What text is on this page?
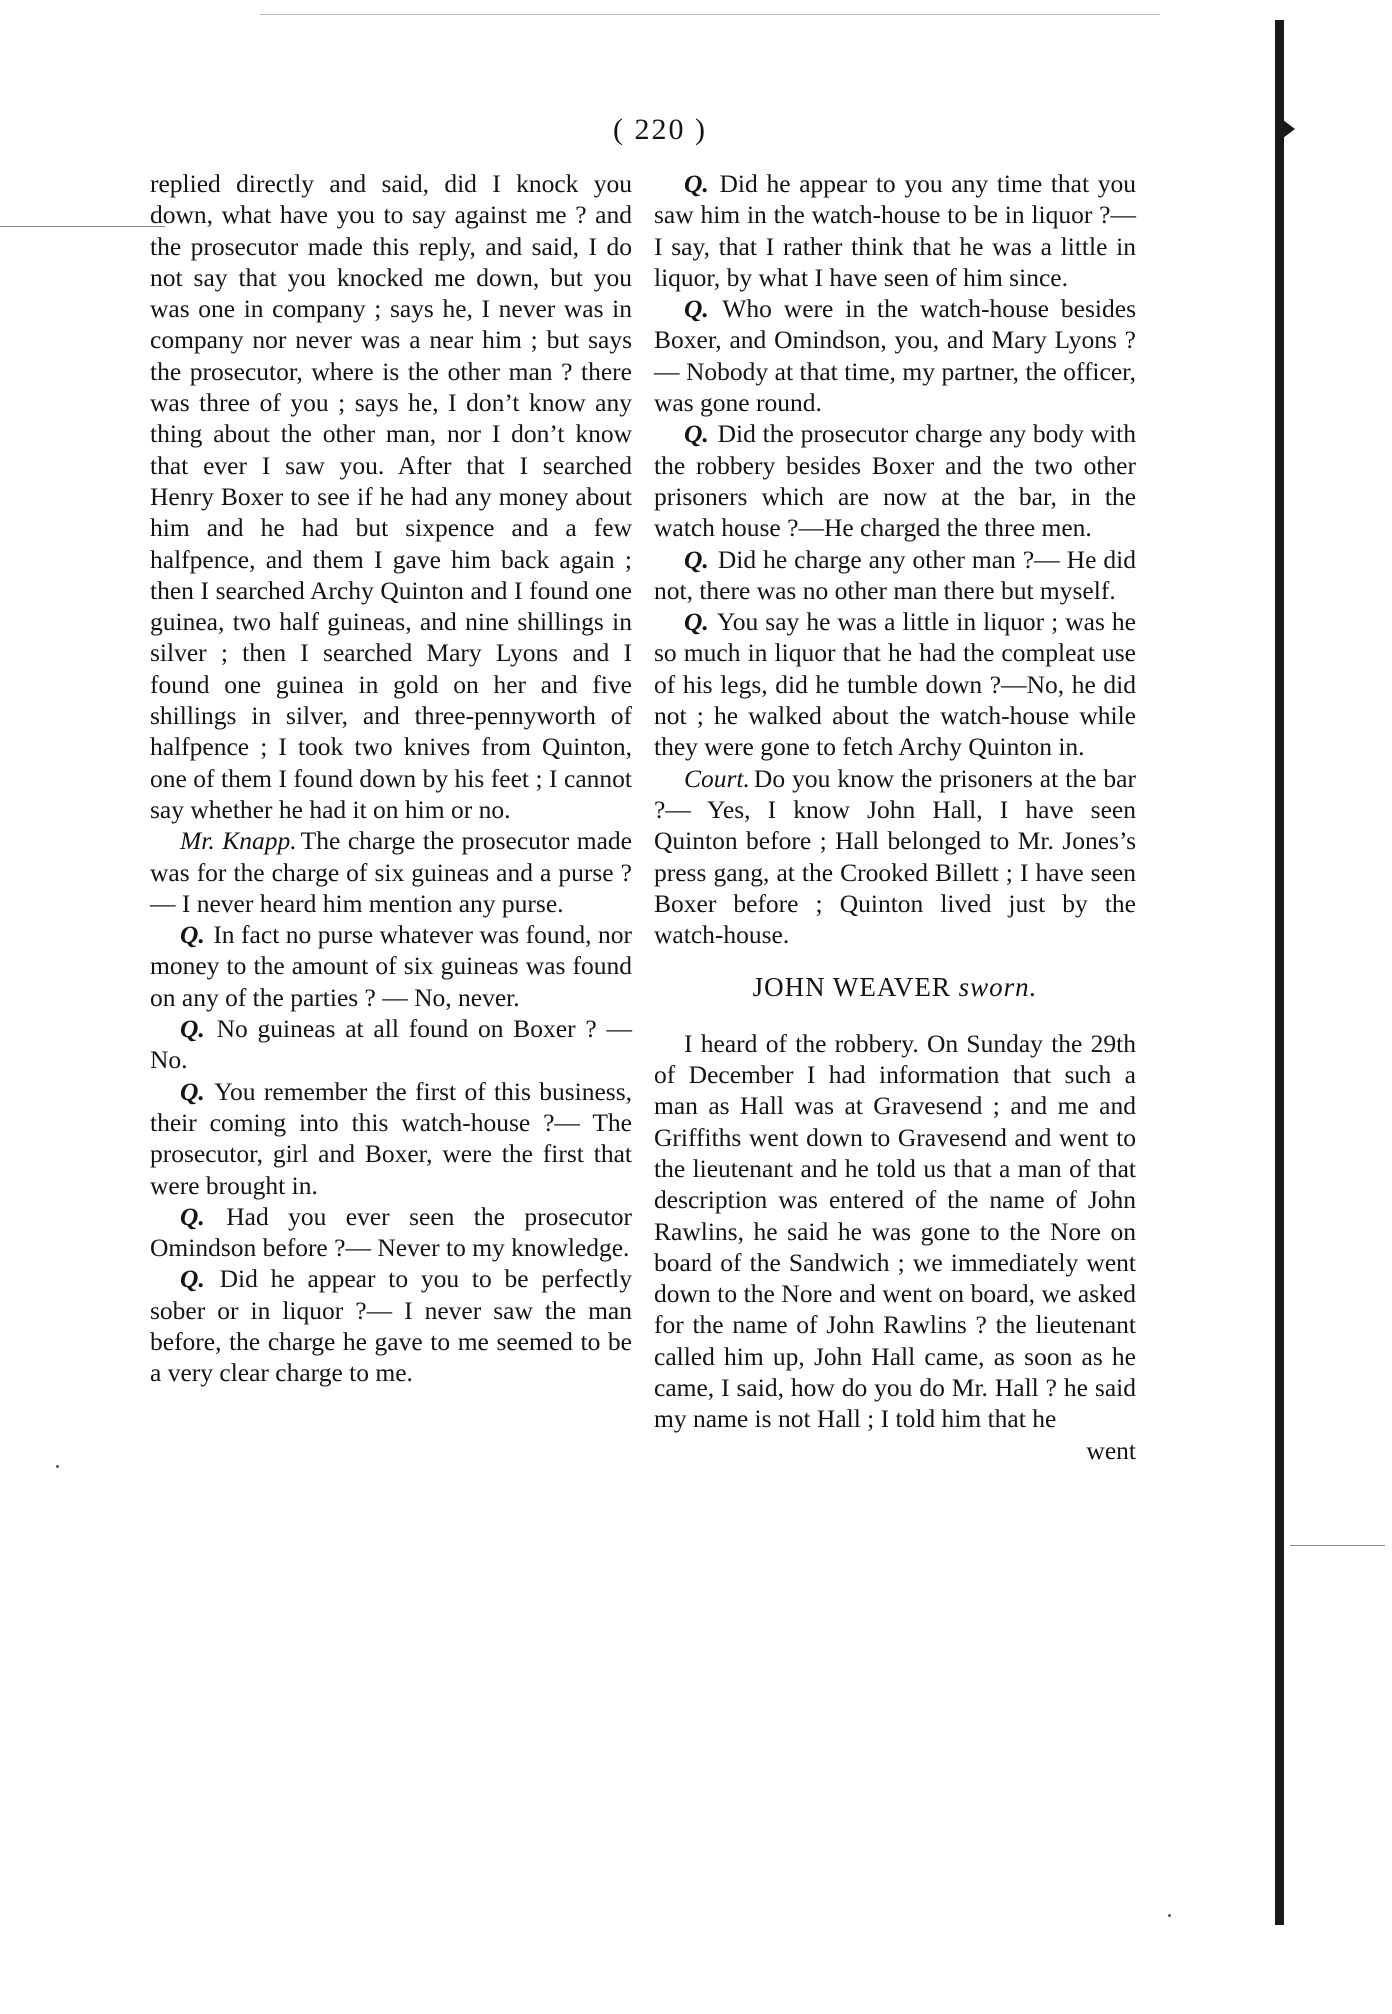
( 220 )

replied directly and said, did I knock you down, what have you to say against me ? and the prosecutor made this reply, and said, I do not say that you knocked me down, but you was one in company ; says he, I never was in company nor never was a near him ; but says the prosecutor, where is the other man ? there was three of you ; says he, I don’t know any thing about the other man, nor I don’t know that ever I saw you. After that I searched Henry Boxer to see if he had any money about him and he had but sixpence and a few halfpence, and them I gave him back again ; then I searched Archy Quinton and I found one guinea, two half guineas, and nine shillings in silver ; then I searched Mary Lyons and I found one guinea in gold on her and five shillings in silver, and three-pennyworth of halfpence ; I took two knives from Quinton, one of them I found down by his feet ; I cannot say whether he had it on him or no.

Mr. Knapp. The charge the prosecutor made was for the charge of six guineas and a purse ?— I never heard him mention any purse.

Q. In fact no purse whatever was found, nor money to the amount of six guineas was found on any of the parties ? — No, never.

Q. No guineas at all found on Boxer ? — No.

Q. You remember the first of this business, their coming into this watch-house ?— The prosecutor, girl and Boxer, were the first that were brought in.

Q. Had you ever seen the prosecutor Omindson before ?— Never to my knowledge.

Q. Did he appear to you to be perfectly sober or in liquor ?— I never saw the man before, the charge he gave to me seemed to be a very clear charge to me.

Q. Did he appear to you any time that you saw him in the watch-house to be in liquor ?— I say, that I rather think that he was a little in liquor, by what I have seen of him since.

Q. Who were in the watch-house besides Boxer, and Omindson, you, and Mary Lyons ?— Nobody at that time, my partner, the officer, was gone round.

Q. Did the prosecutor charge any body with the robbery besides Boxer and the two other prisoners which are now at the bar, in the watch house ?—He charged the three men.

Q. Did he charge any other man ?— He did not, there was no other man there but myself.

Q. You say he was a little in liquor ; was he so much in liquor that he had the compleat use of his legs, did he tumble down ?—No, he did not ; he walked about the watch-house while they were gone to fetch Archy Quinton in.

Court. Do you know the prisoners at the bar ?— Yes, I know John Hall, I have seen Quinton before ; Hall belonged to Mr. Jones’s press gang, at the Crooked Billett ; I have seen Boxer before ; Quinton lived just by the watch-house.

JOHN WEAVER sworn.

I heard of the robbery. On Sunday the 29th of December I had information that such a man as Hall was at Gravesend ; and me and Griffiths went down to Gravesend and went to the lieutenant and he told us that a man of that description was entered of the name of John Rawlins, he said he was gone to the Nore on board of the Sandwich ; we immediately went down to the Nore and went on board, we asked for the name of John Rawlins ? the lieutenant called him up, John Hall came, as soon as he came, I said, how do you do Mr. Hall ? he said my name is not Hall ; I told him that he

went
